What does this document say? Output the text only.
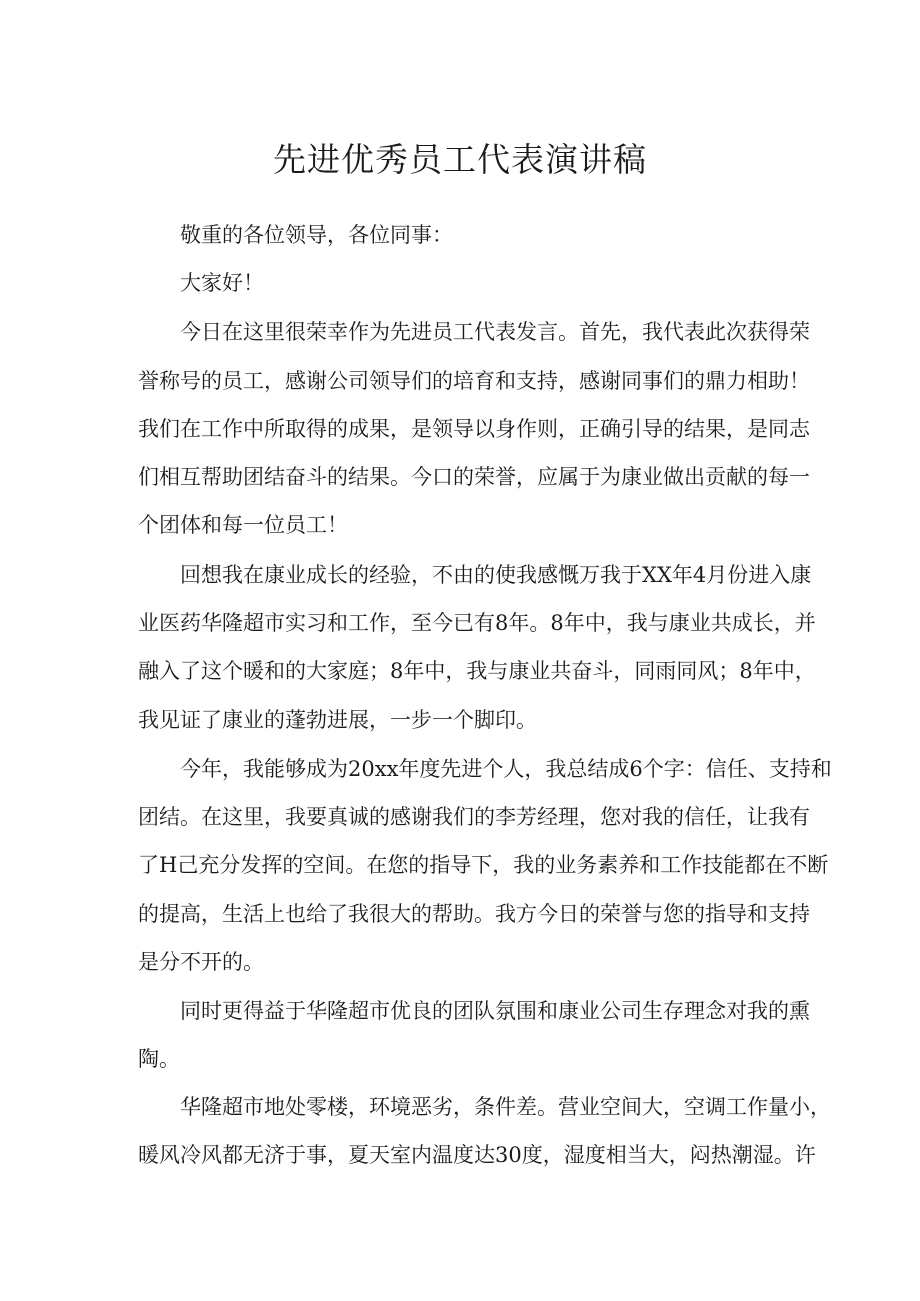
先进优秀员工代表演讲稿

敬重的各位领导，各位同事：

大家好！

今日在这里很荣幸作为先进员工代表发言。首先，我代表此次获得荣

誉称号的员工，感谢公司领导们的培育和支持，感谢同事们的鼎力相助！

我们在工作中所取得的成果，是领导以身作则，正确引导的结果，是同志

们相互帮助团结奋斗的结果。今口的荣誉，应属于为康业做出贡献的每一

个团体和每一位员工！

回想我在康业成长的经验，不由的使我感慨万我于XX年4月份进入康

业医药华隆超市实习和工作，至今已有8年。8年中，我与康业共成长，并

融入了这个暖和的大家庭；8年中，我与康业共奋斗，同雨同风；8年中，

我见证了康业的蓬勃进展，一步一个脚印。

今年，我能够成为20xx年度先进个人，我总结成6个字：信任、支持和

团结。在这里，我要真诚的感谢我们的李芳经理，您对我的信任，让我有

了H己充分发挥的空间。在您的指导下，我的业务素养和工作技能都在不断

的提高，生活上也给了我很大的帮助。我方今日的荣誉与您的指导和支持

是分不开的。

同时更得益于华隆超市优良的团队氛围和康业公司生存理念对我的熏

陶。

华隆超市地处零楼，环境恶劣，条件差。营业空间大，空调工作量小，

暖风冷风都无济于事，夏天室内温度达30度，湿度相当大，闷热潮湿。许
